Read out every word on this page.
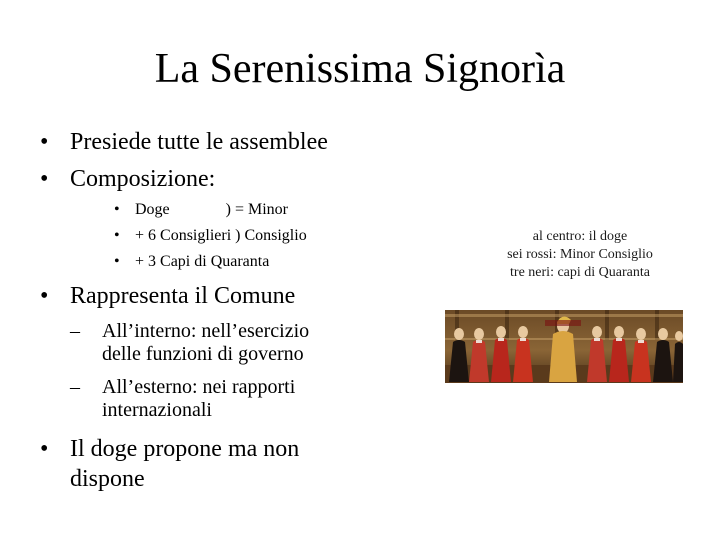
La Serenissima Signorìa
• Presiede tutte le assemblee
• Composizione:
• Doge              ) = Minor
• + 6 Consiglieri ) Consiglio
• + 3 Capi di Quaranta
• Rappresenta il Comune
– All’interno: nell’esercizio
delle funzioni di governo
– All’esterno: nei rapporti
internazionali
• Il doge propone ma non
dispone
al centro: il doge
sei rossi: Minor Consiglio
tre neri: capi di Quaranta
